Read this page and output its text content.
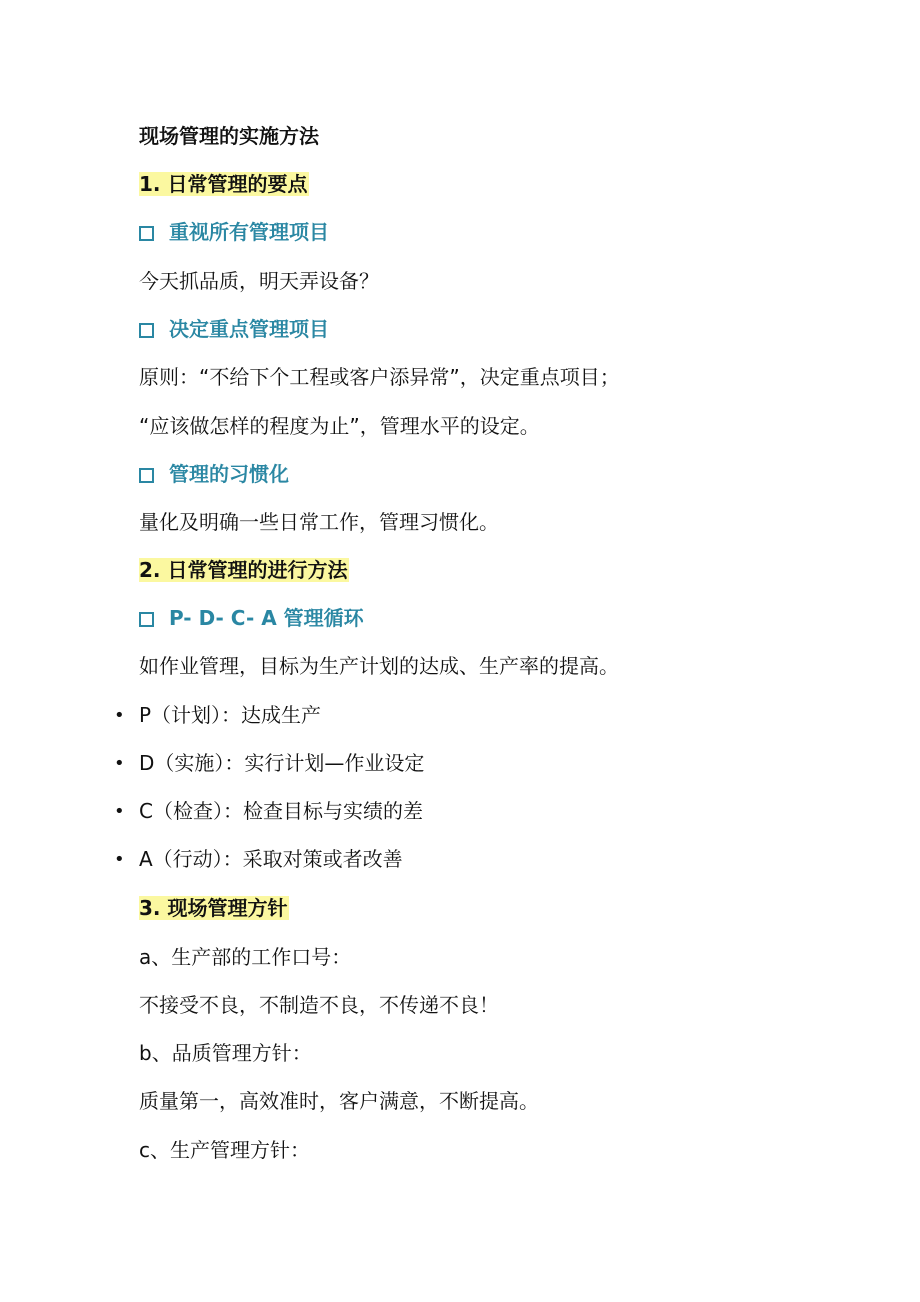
现场管理的实施方法
1. 日常管理的要点
重视所有管理项目
今天抓品质，明天弄设备？
决定重点管理项目
原则：“不给下个工程或客户添异常”，决定重点项目；
“应该做怎样的程度为止”，管理水平的设定。
管理的习惯化
量化及明确一些日常工作，管理习惯化。
2. 日常管理的进行方法
P- D- C- A 管理循环
如作业管理，目标为生产计划的达成、生产率的提高。
• P（计划）：达成生产
• D（实施）：实行计划—作业设定
• C（检查）：检查目标与实绩的差
• A（行动）：采取对策或者改善
3. 现场管理方针
a、生产部的工作口号：
不接受不良，不制造不良，不传递不良！
b、品质管理方针：
质量第一，高效准时，客户满意，不断提高。
c、生产管理方针：
